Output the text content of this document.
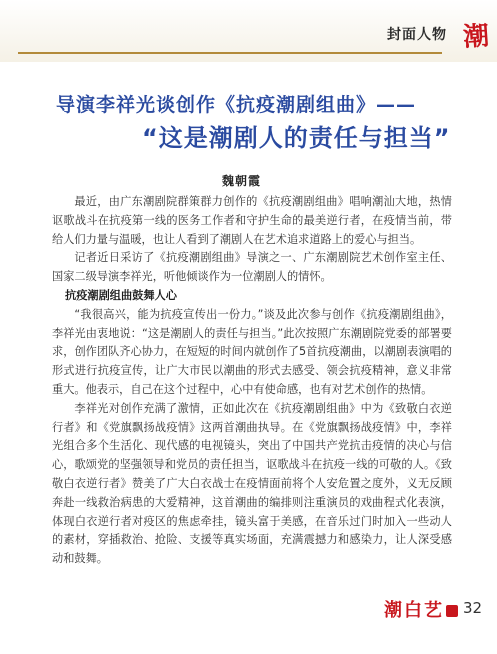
封面人物 潮
导演李祥光谈创作《抗疫潮剧组曲》——
“这是潮剧人的责任与担当”
魏朝霞

最近，由广东潮剧院群策群力创作的《抗疫潮剧组曲》唱响潮汕大地，热情讴歌战斗在抗疫第一线的医务工作者和守护生命的最美逆行者，在疫情当前，带给人们力量与温暖，也让人看到了潮剧人在艺术追求道路上的爱心与担当。

记者近日采访了《抗疫潮剧组曲》导演之一、广东潮剧院艺术创作室主任、国家二级导演李祥光，听他倾谈作为一位潮剧人的情怀。

抗疫潮剧组曲鼓舞人心

“我很高兴，能为抗疫宣传出一份力。”谈及此次参与创作《抗疫潮剧组曲》，李祥光由衷地说：“这是潮剧人的责任与担当。”此次按照广东潮剧院党委的部署要求，创作团队齐心协力，在短短的时间内就创作了5首抗疫潮曲，以潮剧表演唱的形式进行抗疫宣传，让广大市民以潮曲的形式去感受、领会抗疫精神，意义非常重大。他表示，自己在这个过程中，心中有使命感，也有对艺术创作的热情。

李祥光对创作充满了激情，正如此次在《抗疫潮剧组曲》中为《致敬白衣逆行者》和《党旗飘扬战疫情》这两首潮曲执导。在《党旗飘扬战疫情》中，李祥光组合多个生活化、现代感的电视镜头，突出了中国共产党抗击疫情的决心与信心，歌颂党的坚强领导和党员的责任担当，讴歌战斗在抗疫一线的可敬的人。《致敬白衣逆行者》赞美了广大白衣战士在疫情面前将个人安危置之度外，义无反顾奔赴一线救治病患的大爱精神，这首潮曲的编排则注重演员的戏曲程式化表演，体现白衣逆行者对疫区的焦虑牵挂，镜头富于美感，在音乐过门时加入一些动人的素材，穿插救治、抢险、支援等真实场面，充满震撼力和感染力，让人深受感动和鼓舞。

潮白艺	32
